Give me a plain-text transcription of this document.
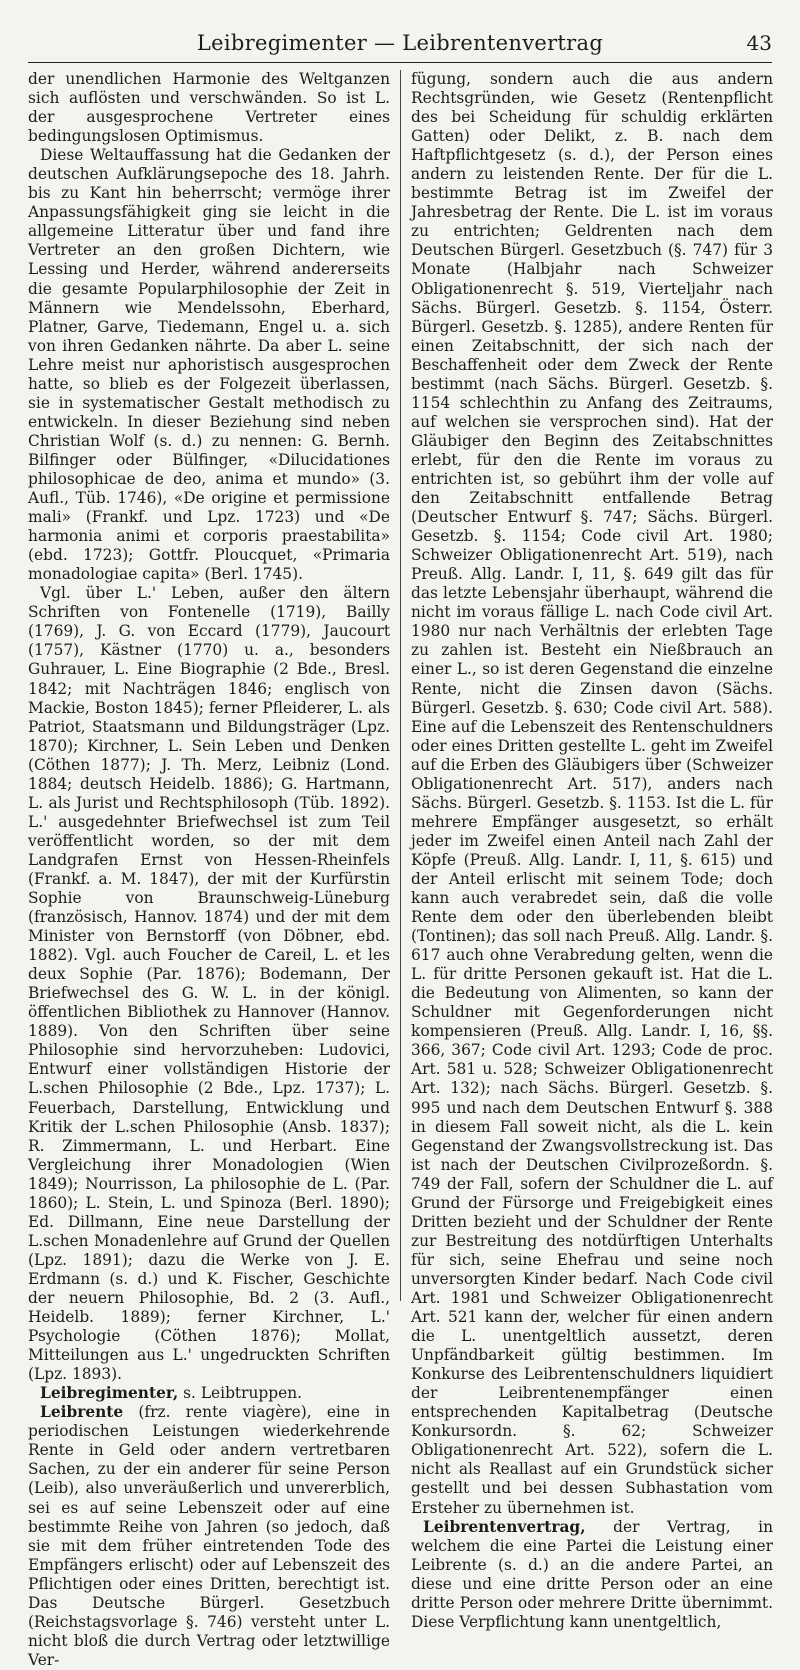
Leibregimenter — Leibrentenvertrag	43

der unendlichen Harmonie des Weltganzen sich auflösten und verschwänden. So ist L. der ausgesprochene Vertreter eines bedingungslosen Optimismus.

Diese Weltauffassung hat die Gedanken der deutschen Aufklärungsepoche des 18. Jahrh. bis zu Kant hin beherrscht; vermöge ihrer Anpassungsfähigkeit ging sie leicht in die allgemeine Litteratur über und fand ihre Vertreter an den großen Dichtern, wie Lessing und Herder, während andererseits die gesamte Popularphilosophie der Zeit in Männern wie Mendelssohn, Eberhard, Platner, Garve, Tiedemann, Engel u. a. sich von ihren Gedanken nährte. Da aber L. seine Lehre meist nur aphoristisch ausgesprochen hatte, so blieb es der Folgezeit überlassen, sie in systematischer Gestalt methodisch zu entwickeln. In dieser Beziehung sind neben Christian Wolf (s. d.) zu nennen: G. Bernh. Bilfinger oder Bülfinger, «Dilucidationes philosophicae de deo, anima et mundo» (3. Aufl., Tüb. 1746), «De origine et permissione mali» (Frankf. und Lpz. 1723) und «De harmonia animi et corporis praestabilita» (ebd. 1723); Gottfr. Ploucquet, «Primaria monadologiae capita» (Berl. 1745).

Vgl. über L.' Leben, außer den ältern Schriften von Fontenelle (1719), Bailly (1769), J. G. von Eccard (1779), Jaucourt (1757), Kästner (1770) u. a., besonders Guhrauer, L. Eine Biographie (2 Bde., Bresl. 1842; mit Nachträgen 1846; englisch von Mackie, Boston 1845); ferner Pfleiderer, L. als Patriot, Staatsmann und Bildungsträger (Lpz. 1870); Kirchner, L. Sein Leben und Denken (Cöthen 1877); J. Th. Merz, Leibniz (Lond. 1884; deutsch Heidelb. 1886); G. Hartmann, L. als Jurist und Rechtsphilosoph (Tüb. 1892). L.' ausgedehnter Briefwechsel ist zum Teil veröffentlicht worden, so der mit dem Landgrafen Ernst von Hessen-Rheinfels (Frankf. a. M. 1847), der mit der Kurfürstin Sophie von Braunschweig-Lüneburg (französisch, Hannov. 1874) und der mit dem Minister von Bernstorff (von Döbner, ebd. 1882). Vgl. auch Foucher de Careil, L. et les deux Sophie (Par. 1876); Bodemann, Der Briefwechsel des G. W. L. in der königl. öffentlichen Bibliothek zu Hannover (Hannov. 1889). Von den Schriften über seine Philosophie sind hervorzuheben: Ludovici, Entwurf einer vollständigen Historie der L.schen Philosophie (2 Bde., Lpz. 1737); L. Feuerbach, Darstellung, Entwicklung und Kritik der L.schen Philosophie (Ansb. 1837); R. Zimmermann, L. und Herbart. Eine Vergleichung ihrer Monadologien (Wien 1849); Nourrisson, La philosophie de L. (Par. 1860); L. Stein, L. und Spinoza (Berl. 1890); Ed. Dillmann, Eine neue Darstellung der L.schen Monadenlehre auf Grund der Quellen (Lpz. 1891); dazu die Werke von J. E. Erdmann (s. d.) und K. Fischer, Geschichte der neuern Philosophie, Bd. 2 (3. Aufl., Heidelb. 1889); ferner Kirchner, L.' Psychologie (Cöthen 1876); Mollat, Mitteilungen aus L.' ungedruckten Schriften (Lpz. 1893).

Leibregimenter, s. Leibtruppen.

Leibrente (frz. rente viagère), eine in periodischen Leistungen wiederkehrende Rente in Geld oder andern vertretbaren Sachen, zu der ein anderer für seine Person (Leib), also unveräußerlich und unvererblich, sei es auf seine Lebenszeit oder auf eine bestimmte Reihe von Jahren (so jedoch, daß sie mit dem früher eintretenden Tode des Empfängers erlischt) oder auf Lebenszeit des Pflichtigen oder eines Dritten, berechtigt ist. Das Deutsche Bürgerl. Gesetzbuch (Reichstagsvorlage §. 746) versteht unter L. nicht bloß die durch Vertrag oder letztwillige Ver-

fügung, sondern auch die aus andern Rechtsgründen, wie Gesetz (Rentenpflicht des bei Scheidung für schuldig erklärten Gatten) oder Delikt, z. B. nach dem Haftpflichtgesetz (s. d.), der Person eines andern zu leistenden Rente. Der für die L. bestimmte Betrag ist im Zweifel der Jahresbetrag der Rente. Die L. ist im voraus zu entrichten; Geldrenten nach dem Deutschen Bürgerl. Gesetzbuch (§. 747) für 3 Monate (Halbjahr nach Schweizer Obligationenrecht §. 519, Vierteljahr nach Sächs. Bürgerl. Gesetzb. §. 1154, Österr. Bürgerl. Gesetzb. §. 1285), andere Renten für einen Zeitabschnitt, der sich nach der Beschaffenheit oder dem Zweck der Rente bestimmt (nach Sächs. Bürgerl. Gesetzb. §. 1154 schlechthin zu Anfang des Zeitraums, auf welchen sie versprochen sind). Hat der Gläubiger den Beginn des Zeitabschnittes erlebt, für den die Rente im voraus zu entrichten ist, so gebührt ihm der volle auf den Zeitabschnitt entfallende Betrag (Deutscher Entwurf §. 747; Sächs. Bürgerl. Gesetzb. §. 1154; Code civil Art. 1980; Schweizer Obligationenrecht Art. 519), nach Preuß. Allg. Landr. I, 11, §. 649 gilt das für das letzte Lebensjahr überhaupt, während die nicht im voraus fällige L. nach Code civil Art. 1980 nur nach Verhältnis der erlebten Tage zu zahlen ist. Besteht ein Nießbrauch an einer L., so ist deren Gegenstand die einzelne Rente, nicht die Zinsen davon (Sächs. Bürgerl. Gesetzb. §. 630; Code civil Art. 588). Eine auf die Lebenszeit des Rentenschuldners oder eines Dritten gestellte L. geht im Zweifel auf die Erben des Gläubigers über (Schweizer Obligationenrecht Art. 517), anders nach Sächs. Bürgerl. Gesetzb. §. 1153. Ist die L. für mehrere Empfänger ausgesetzt, so erhält jeder im Zweifel einen Anteil nach Zahl der Köpfe (Preuß. Allg. Landr. I, 11, §. 615) und der Anteil erlischt mit seinem Tode; doch kann auch verabredet sein, daß die volle Rente dem oder den überlebenden bleibt (Tontinen); das soll nach Preuß. Allg. Landr. §. 617 auch ohne Verabredung gelten, wenn die L. für dritte Personen gekauft ist. Hat die L. die Bedeutung von Alimenten, so kann der Schuldner mit Gegenforderungen nicht kompensieren (Preuß. Allg. Landr. I, 16, §§. 366, 367; Code civil Art. 1293; Code de proc. Art. 581 u. 528; Schweizer Obligationenrecht Art. 132); nach Sächs. Bürgerl. Gesetzb. §. 995 und nach dem Deutschen Entwurf §. 388 in diesem Fall soweit nicht, als die L. kein Gegenstand der Zwangsvollstreckung ist. Das ist nach der Deutschen Civilprozeßordn. §. 749 der Fall, sofern der Schuldner die L. auf Grund der Fürsorge und Freigebigkeit eines Dritten bezieht und der Schuldner der Rente zur Bestreitung des notdürftigen Unterhalts für sich, seine Ehefrau und seine noch unversorgten Kinder bedarf. Nach Code civil Art. 1981 und Schweizer Obligationenrecht Art. 521 kann der, welcher für einen andern die L. unentgeltlich aussetzt, deren Unpfändbarkeit gültig bestimmen. Im Konkurse des Leibrentenschuldners liquidiert der Leibrentenempfänger einen entsprechenden Kapitalbetrag (Deutsche Konkursordn. §. 62; Schweizer Obligationenrecht Art. 522), sofern die L. nicht als Reallast auf ein Grundstück sicher gestellt und bei dessen Subhastation vom Ersteher zu übernehmen ist.

Leibrentenvertrag, der Vertrag, in welchem die eine Partei die Leistung einer Leibrente (s. d.) an die andere Partei, an diese und eine dritte Person oder an eine dritte Person oder mehrere Dritte übernimmt. Diese Verpflichtung kann unentgeltlich,
